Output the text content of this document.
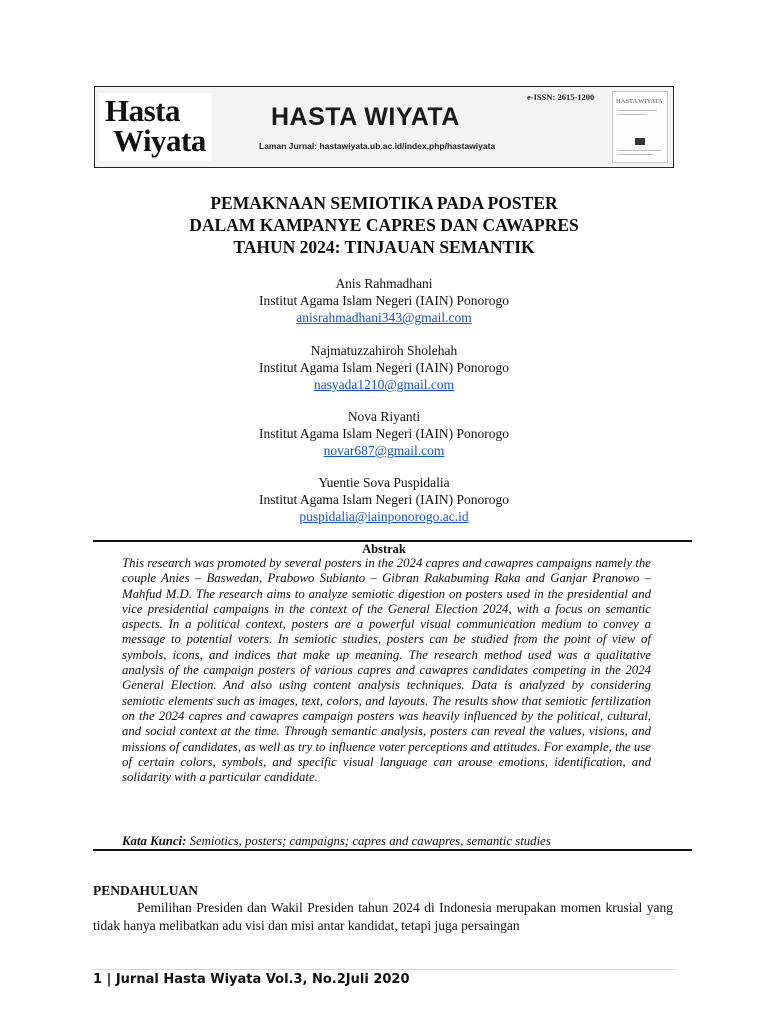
Hasta
Wiyata
HASTA WIYATA
Laman Jurnal: hastawiyata.ub.ac.id/index.php/hastawiyata
e-ISSN: 2615-1200	HASTA WIYATA
PEMAKNAAN SEMIOTIKA PADA POSTER
DALAM KAMPANYE CAPRES DAN CAWAPRES
TAHUN 2024: TINJAUAN SEMANTIK
Anis Rahmadhani
Institut Agama Islam Negeri (IAIN) Ponorogo
anisrahmadhani343@gmail.com
Najmatuzzahiroh Sholehah
Institut Agama Islam Negeri (IAIN) Ponorogo
nasyada1210@gmail.com
Nova Riyanti
Institut Agama Islam Negeri (IAIN) Ponorogo
novar687@gmail.com
Yuentie Sova Puspidalia
Institut Agama Islam Negeri (IAIN) Ponorogo
puspidalia@iainponorogo.ac.id
Abstrak

This research was promoted by several posters in the 2024 capres and cawapres campaigns namely the couple Anies – Baswedan, Prabowo Subianto – Gibran Rakabuming Raka and Ganjar Pranowo – Mahfud M.D. The research aims to analyze semiotic digestion on posters used in the presidential and vice presidential campaigns in the context of the General Election 2024, with a focus on semantic aspects. In a political context, posters are a powerful visual communication medium to convey a message to potential voters. In semiotic studies, posters can be studied from the point of view of symbols, icons, and indices that make up meaning. The research method used was a qualitative analysis of the campaign posters of various capres and cawapres candidates competing in the 2024 General Election. And also using content analysis techniques. Data is analyzed by considering semiotic elements such as images, text, colors, and layouts. The results show that semiotic fertilization on the 2024 capres and cawapres campaign posters was heavily influenced by the political, cultural, and social context at the time. Through semantic analysis, posters can reveal the values, visions, and missions of candidates, as well as try to influence voter perceptions and attitudes. For example, the use of certain colors, symbols, and specific visual language can arouse emotions, identification, and solidarity with a particular candidate.

Kata Kunci: Semiotics, posters; campaigns; capres and cawapres, semantic studies
PENDAHULUAN

Pemilihan Presiden dan Wakil Presiden tahun 2024 di Indonesia merupakan momen krusial yang tidak hanya melibatkan adu visi dan misi antar kandidat, tetapi juga persaingan

1 | Jurnal Hasta Wiyata Vol.3, No.2Juli 2020
